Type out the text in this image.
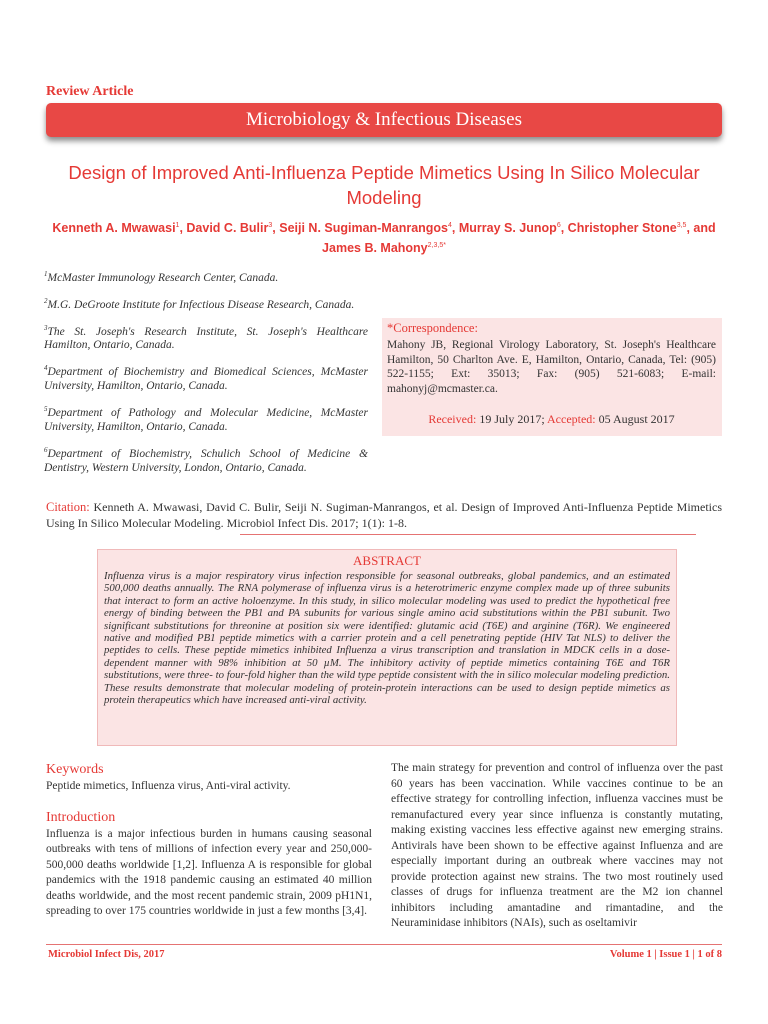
Review Article
Microbiology & Infectious Diseases
Design of Improved Anti-Influenza Peptide Mimetics Using In Silico Molecular Modeling
Kenneth A. Mwawasi$^1$, David C. Bulir$^3$, Seiji N. Sugiman-Manrangos$^4$, Murray S. Junop$^6$, Christopher Stone$^{3,5}$, and James B. Mahony$^{2,3,5*}$
$^1$McMaster Immunology Research Center, Canada.
$^2$M.G. DeGroote Institute for Infectious Disease Research, Canada.
$^3$The St. Joseph's Research Institute, St. Joseph's Healthcare Hamilton, Ontario, Canada.
$^4$Department of Biochemistry and Biomedical Sciences, McMaster University, Hamilton, Ontario, Canada.
$^5$Department of Pathology and Molecular Medicine, McMaster University, Hamilton, Ontario, Canada.
$^6$Department of Biochemistry, Schulich School of Medicine & Dentistry, Western University, London, Ontario, Canada.
*Correspondence:
Mahony JB, Regional Virology Laboratory, St. Joseph's Healthcare Hamilton, 50 Charlton Ave. E, Hamilton, Ontario, Canada, Tel: (905) 522-1155; Ext: 35013; Fax: (905) 521-6083; E-mail: mahonyj@mcmaster.ca.
Received: 19 July 2017; Accepted: 05 August 2017
Citation: Kenneth A. Mwawasi, David C. Bulir, Seiji N. Sugiman-Manrangos, et al. Design of Improved Anti-Influenza Peptide Mimetics Using In Silico Molecular Modeling. Microbiol Infect Dis. 2017; 1(1): 1-8.
ABSTRACT
Influenza virus is a major respiratory virus infection responsible for seasonal outbreaks, global pandemics, and an estimated 500,000 deaths annually. The RNA polymerase of influenza virus is a heterotrimeric enzyme complex made up of three subunits that interact to form an active holoenzyme. In this study, in silico molecular modeling was used to predict the hypothetical free energy of binding between the PB1 and PA subunits for various single amino acid substitutions within the PB1 subunit. Two significant substitutions for threonine at position six were identified: glutamic acid (T6E) and arginine (T6R). We engineered native and modified PB1 peptide mimetics with a carrier protein and a cell penetrating peptide (HIV Tat NLS) to deliver the peptides to cells. These peptide mimetics inhibited Influenza a virus transcription and translation in MDCK cells in a dose-dependent manner with 98% inhibition at 50 µM. The inhibitory activity of peptide mimetics containing T6E and T6R substitutions, were three- to four-fold higher than the wild type peptide consistent with the in silico molecular modeling prediction. These results demonstrate that molecular modeling of protein-protein interactions can be used to design peptide mimetics as protein therapeutics which have increased anti-viral activity.
Keywords
Peptide mimetics, Influenza virus, Anti-viral activity.
Introduction
Influenza is a major infectious burden in humans causing seasonal outbreaks with tens of millions of infection every year and 250,000-500,000 deaths worldwide [1,2]. Influenza A is responsible for global pandemics with the 1918 pandemic causing an estimated 40 million deaths worldwide, and the most recent pandemic strain, 2009 pH1N1, spreading to over 175 countries worldwide in just a few months [3,4].
The main strategy for prevention and control of influenza over the past 60 years has been vaccination. While vaccines continue to be an effective strategy for controlling infection, influenza vaccines must be remanufactured every year since influenza is constantly mutating, making existing vaccines less effective against new emerging strains. Antivirals have been shown to be effective against Influenza and are especially important during an outbreak where vaccines may not provide protection against new strains. The two most routinely used classes of drugs for influenza treatment are the M2 ion channel inhibitors including amantadine and rimantadine, and the Neuraminidase inhibitors (NAIs), such as oseltamivir
Microbiol Infect Dis, 2017	Volume 1 | Issue 1 | 1 of 8
